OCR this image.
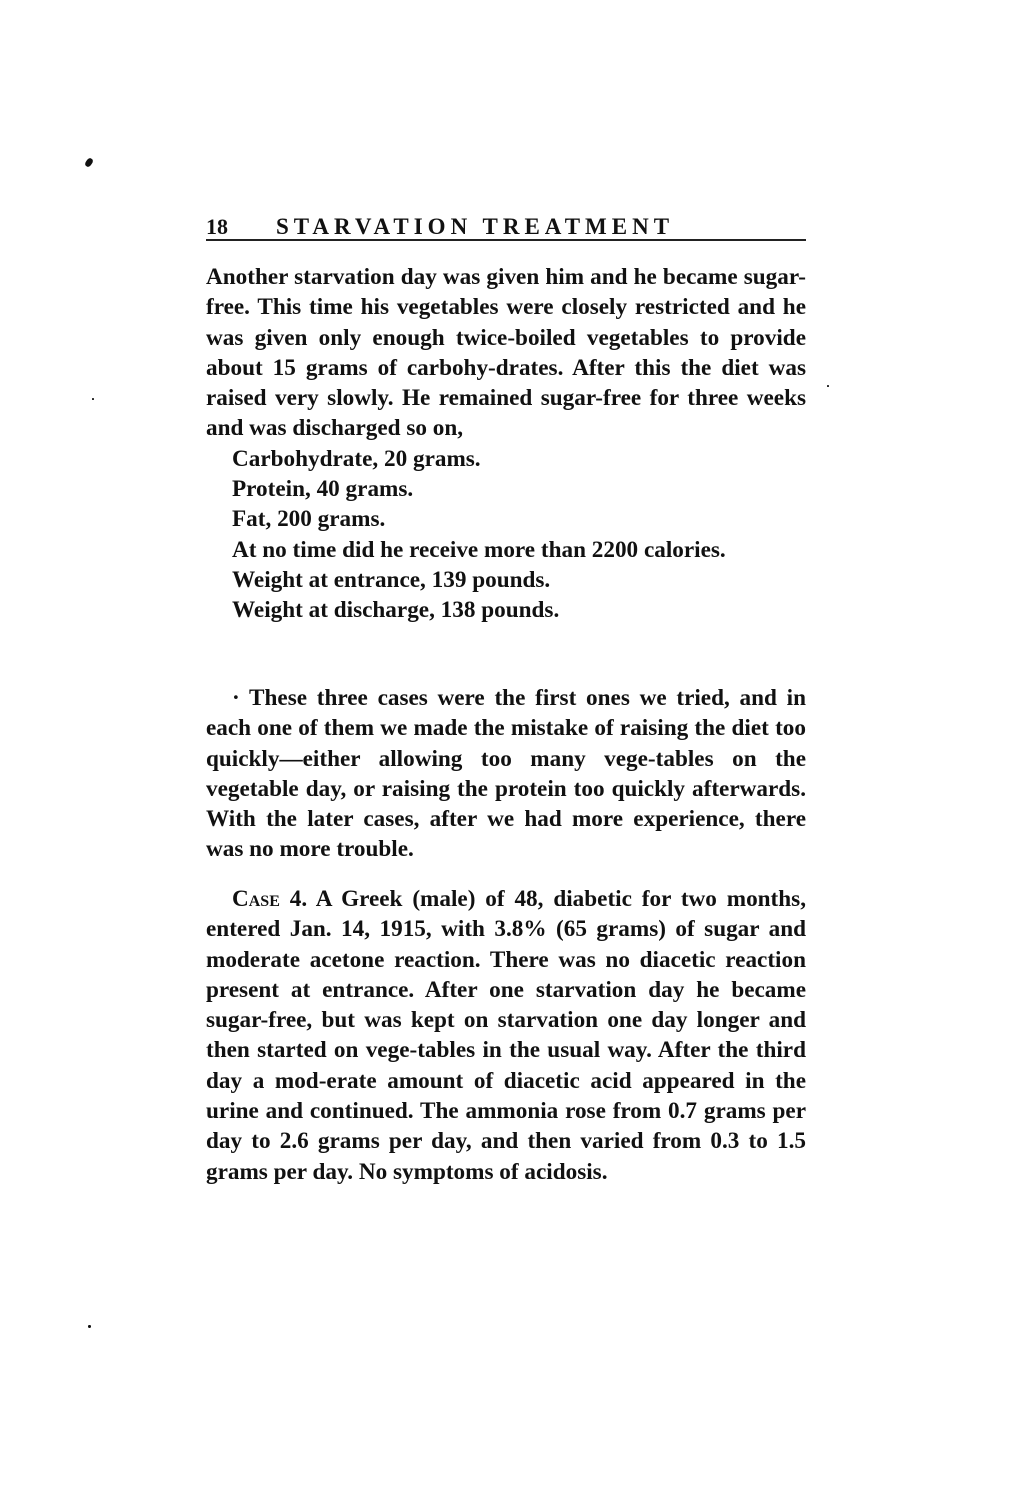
18	STARVATION TREATMENT

Another starvation day was given him and he became sugar-free. This time his vegetables were closely restricted and he was given only enough twice-boiled vegetables to provide about 15 grams of carbohy-drates. After this the diet was raised very slowly. He remained sugar-free for three weeks and was discharged so on,

Carbohydrate, 20 grams.
Protein, 40 grams.
Fat, 200 grams.
At no time did he receive more than 2200 calories.
Weight at entrance, 139 pounds.
Weight at discharge, 138 pounds.

· These three cases were the first ones we tried, and in each one of them we made the mistake of raising the diet too quickly—either allowing too many vege-tables on the vegetable day, or raising the protein too quickly afterwards. With the later cases, after we had more experience, there was no more trouble.

Case 4. A Greek (male) of 48, diabetic for two months, entered Jan. 14, 1915, with 3.8% (65 grams) of sugar and moderate acetone reaction. There was no diacetic reaction present at entrance. After one starvation day he became sugar-free, but was kept on starvation one day longer and then started on vege-tables in the usual way. After the third day a mod-erate amount of diacetic acid appeared in the urine and continued. The ammonia rose from 0.7 grams per day to 2.6 grams per day, and then varied from 0.3 to 1.5 grams per day. No symptoms of acidosis.
